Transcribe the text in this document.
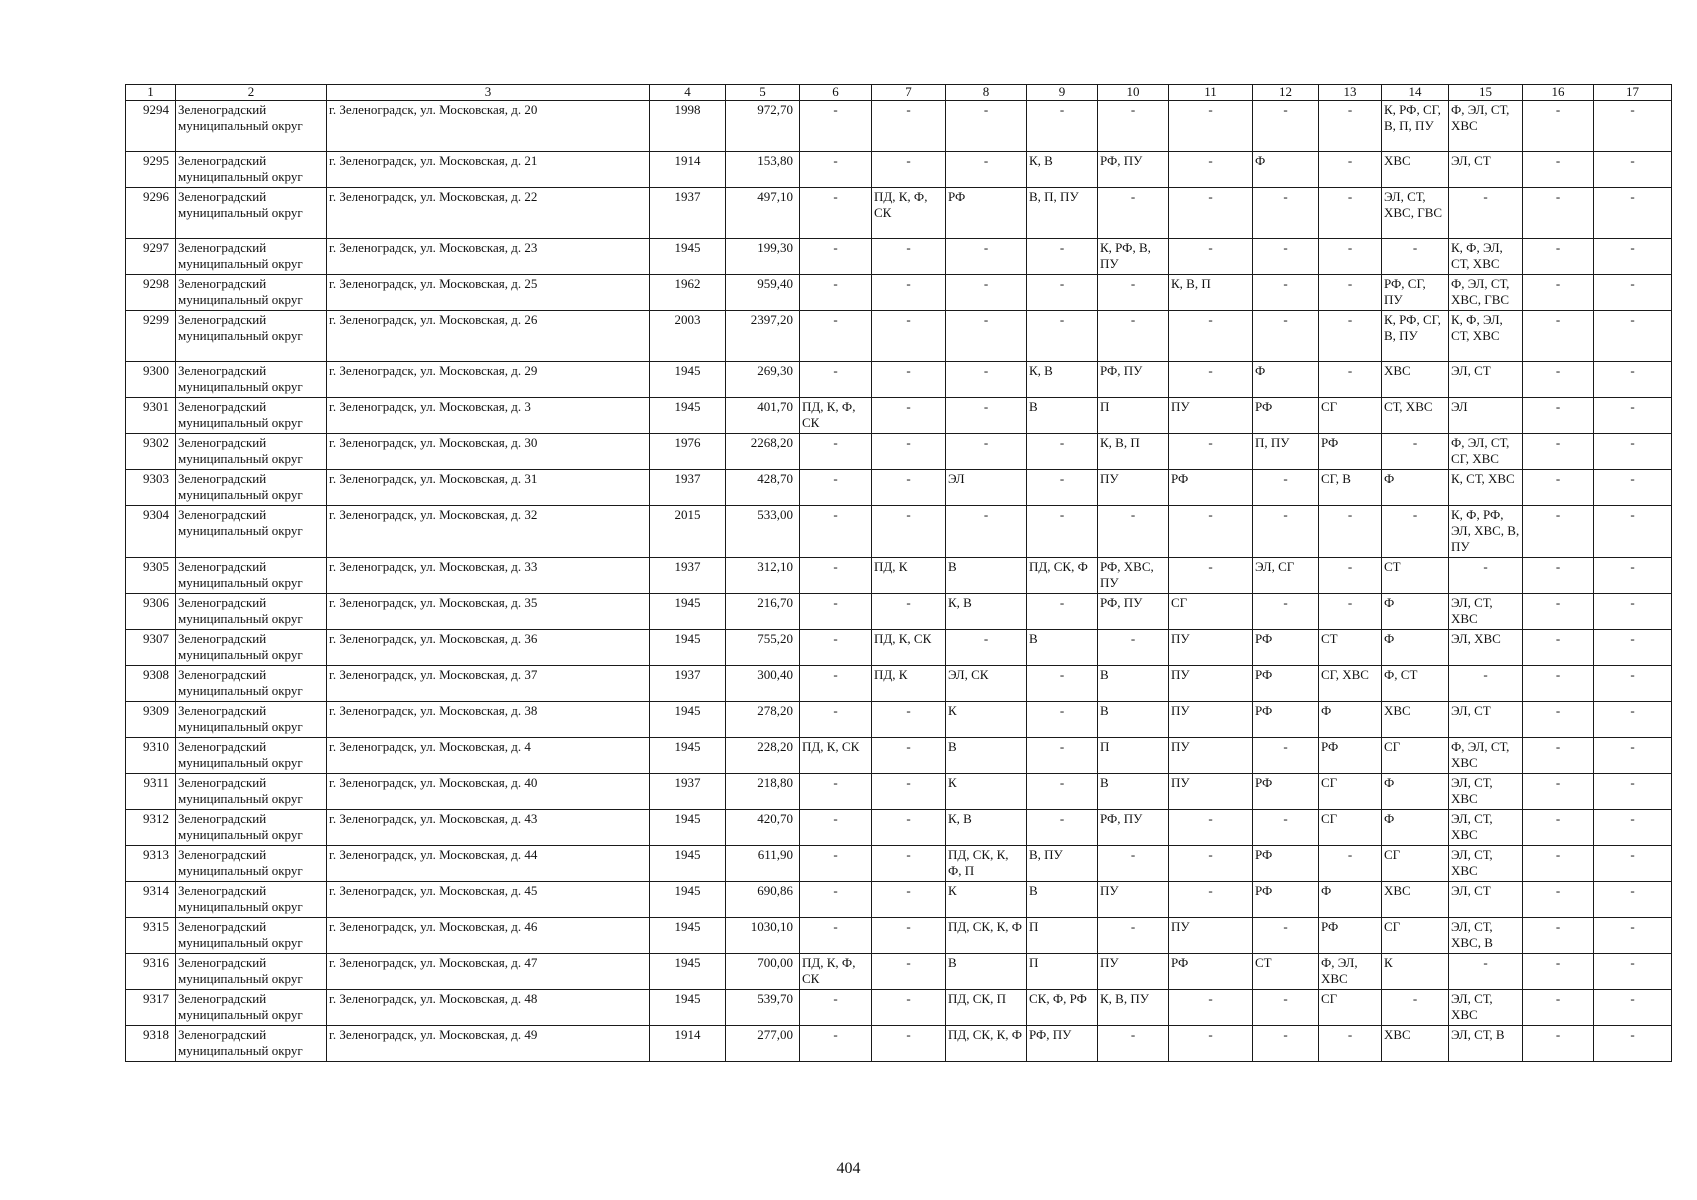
1	2	3	4	5	6	7	8	9	10	11	12	13	14	15	16	17
9294	Зеленоградский муниципальный округ	г. Зеленоградск, ул. Московская, д. 20	1998	972,70	-	-	-	-	-	-	-	-	К, РФ, СГ, В, П, ПУ	Ф, ЭЛ, СТ, ХВС	-	-
9295	Зеленоградский муниципальный округ	г. Зеленоградск, ул. Московская, д. 21	1914	153,80	-	-	-	К, В	РФ, ПУ	-	Ф	-	ХВС	ЭЛ, СТ	-	-
9296	Зеленоградский муниципальный округ	г. Зеленоградск, ул. Московская, д. 22	1937	497,10	-	ПД, К, Ф, СК	РФ	В, П, ПУ	-	-	-	-	ЭЛ, СТ, ХВС, ГВС	-	-	-
9297	Зеленоградский муниципальный округ	г. Зеленоградск, ул. Московская, д. 23	1945	199,30	-	-	-	-	К, РФ, В, ПУ	-	-	-	-	К, Ф, ЭЛ, СТ, ХВС	-	-
9298	Зеленоградский муниципальный округ	г. Зеленоградск, ул. Московская, д. 25	1962	959,40	-	-	-	-	-	К, В, П	-	-	РФ, СГ, ПУ	Ф, ЭЛ, СТ, ХВС, ГВС	-	-
9299	Зеленоградский муниципальный округ	г. Зеленоградск, ул. Московская, д. 26	2003	2397,20	-	-	-	-	-	-	-	-	К, РФ, СГ, В, ПУ	К, Ф, ЭЛ, СТ, ХВС	-	-
9300	Зеленоградский муниципальный округ	г. Зеленоградск, ул. Московская, д. 29	1945	269,30	-	-	-	К, В	РФ, ПУ	-	Ф	-	ХВС	ЭЛ, СТ	-	-
9301	Зеленоградский муниципальный округ	г. Зеленоградск, ул. Московская, д. 3	1945	401,70	ПД, К, Ф, СК	-	-	В	П	ПУ	РФ	СГ	СТ, ХВС	ЭЛ	-	-
9302	Зеленоградский муниципальный округ	г. Зеленоградск, ул. Московская, д. 30	1976	2268,20	-	-	-	-	К, В, П	-	П, ПУ	РФ	-	Ф, ЭЛ, СТ, СГ, ХВС	-	-
9303	Зеленоградский муниципальный округ	г. Зеленоградск, ул. Московская, д. 31	1937	428,70	-	-	ЭЛ	-	ПУ	РФ	-	СГ, В	Ф	К, СТ, ХВС	-	-
9304	Зеленоградский муниципальный округ	г. Зеленоградск, ул. Московская, д. 32	2015	533,00	-	-	-	-	-	-	-	-	-	К, Ф, РФ, ЭЛ, ХВС, В, ПУ	-	-
9305	Зеленоградский муниципальный округ	г. Зеленоградск, ул. Московская, д. 33	1937	312,10	-	ПД, К	В	ПД, СК, Ф	РФ, ХВС, ПУ	-	ЭЛ, СГ	-	СТ	-	-	-
9306	Зеленоградский муниципальный округ	г. Зеленоградск, ул. Московская, д. 35	1945	216,70	-	-	К, В	-	РФ, ПУ	СГ	-	-	Ф	ЭЛ, СТ, ХВС	-	-
9307	Зеленоградский муниципальный округ	г. Зеленоградск, ул. Московская, д. 36	1945	755,20	-	ПД, К, СК	-	В	-	ПУ	РФ	СТ	Ф	ЭЛ, ХВС	-	-
9308	Зеленоградский муниципальный округ	г. Зеленоградск, ул. Московская, д. 37	1937	300,40	-	ПД, К	ЭЛ, СК	-	В	ПУ	РФ	СГ, ХВС	Ф, СТ	-	-	-
9309	Зеленоградский муниципальный округ	г. Зеленоградск, ул. Московская, д. 38	1945	278,20	-	-	К	-	В	ПУ	РФ	Ф	ХВС	ЭЛ, СТ	-	-
9310	Зеленоградский муниципальный округ	г. Зеленоградск, ул. Московская, д. 4	1945	228,20	ПД, К, СК	-	В	-	П	ПУ	-	РФ	СГ	Ф, ЭЛ, СТ, ХВС	-	-
9311	Зеленоградский муниципальный округ	г. Зеленоградск, ул. Московская, д. 40	1937	218,80	-	-	К	-	В	ПУ	РФ	СГ	Ф	ЭЛ, СТ, ХВС	-	-
9312	Зеленоградский муниципальный округ	г. Зеленоградск, ул. Московская, д. 43	1945	420,70	-	-	К, В	-	РФ, ПУ	-	-	СГ	Ф	ЭЛ, СТ, ХВС	-	-
9313	Зеленоградский муниципальный округ	г. Зеленоградск, ул. Московская, д. 44	1945	611,90	-	-	ПД, СК, К, Ф, П	В, ПУ	-	-	РФ	-	СГ	ЭЛ, СТ, ХВС	-	-
9314	Зеленоградский муниципальный округ	г. Зеленоградск, ул. Московская, д. 45	1945	690,86	-	-	К	В	ПУ	-	РФ	Ф	ХВС	ЭЛ, СТ	-	-
9315	Зеленоградский муниципальный округ	г. Зеленоградск, ул. Московская, д. 46	1945	1030,10	-	-	ПД, СК, К, Ф	П	-	ПУ	-	РФ	СГ	ЭЛ, СТ, ХВС, В	-	-
9316	Зеленоградский муниципальный округ	г. Зеленоградск, ул. Московская, д. 47	1945	700,00	ПД, К, Ф, СК	-	В	П	ПУ	РФ	СТ	Ф, ЭЛ, ХВС	К	-	-	-
9317	Зеленоградский муниципальный округ	г. Зеленоградск, ул. Московская, д. 48	1945	539,70	-	-	ПД, СК, П	СК, Ф, РФ	К, В, ПУ	-	-	СГ	-	ЭЛ, СТ, ХВС	-	-
9318	Зеленоградский муниципальный округ	г. Зеленоградск, ул. Московская, д. 49	1914	277,00	-	-	ПД, СК, К, Ф	РФ, ПУ	-	-	-	-	ХВС	ЭЛ, СТ, В	-	-
404
